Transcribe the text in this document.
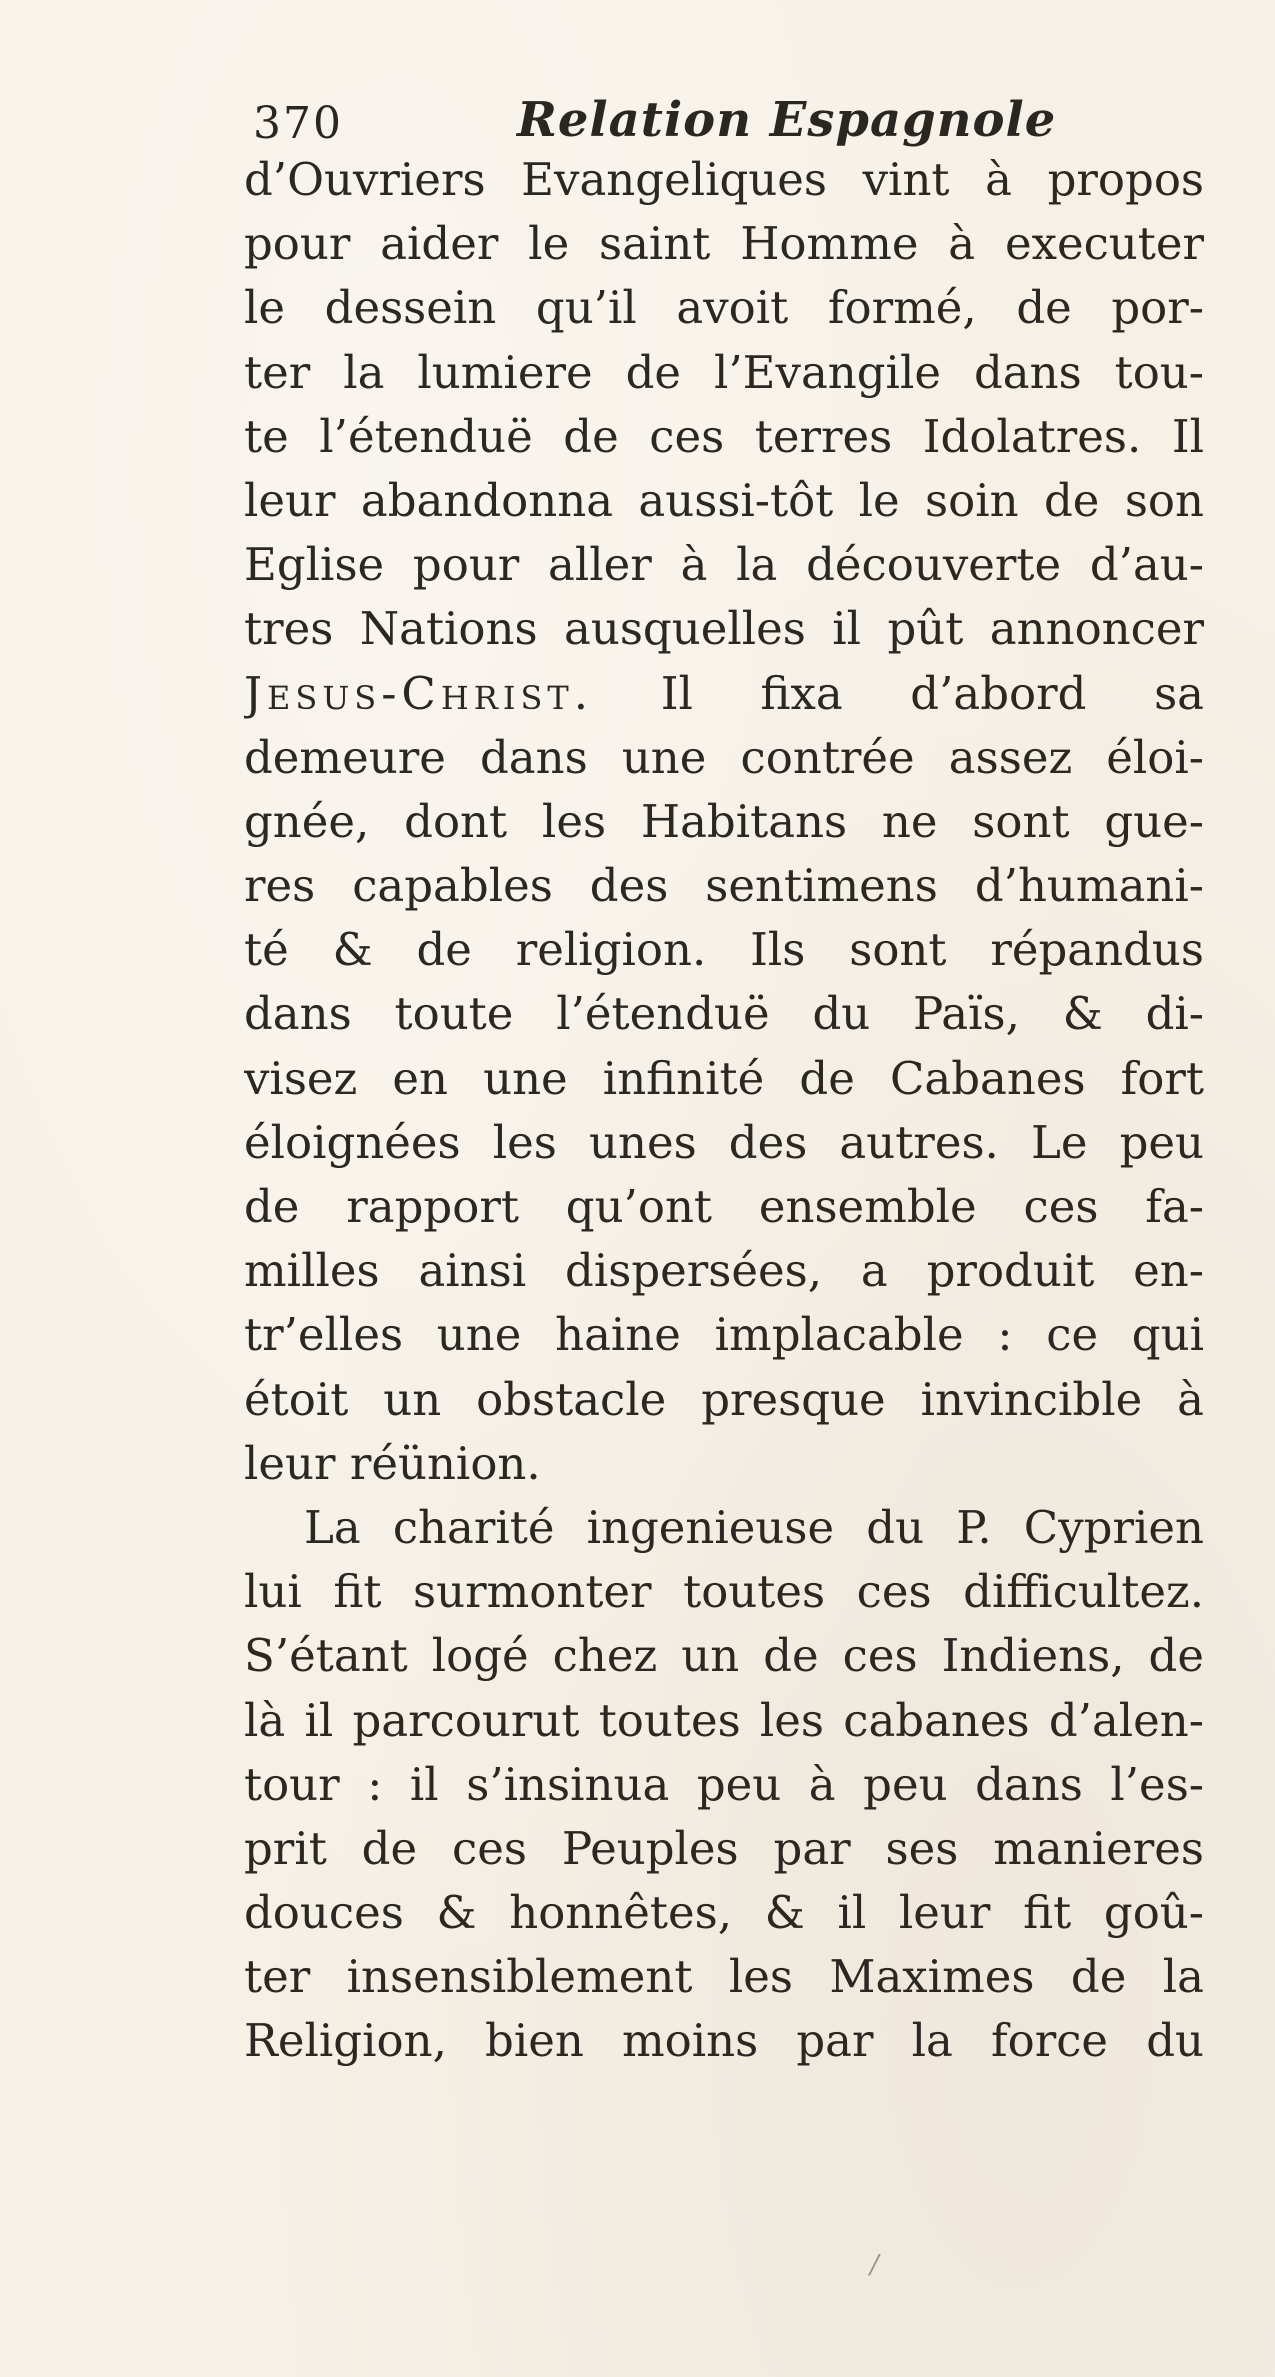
370	Relation Espagnole
d’Ouvriers Evangeliques vint à propos
pour aider le saint Homme à executer
le dessein qu’il avoit formé, de por-
ter la lumiere de l’Evangile dans tou-
te l’étenduë de ces terres Idolatres. Il
leur abandonna aussi-tôt le soin de son
Eglise pour aller à la découverte d’au-
tres Nations ausquelles il pût annoncer
Jesus-Christ. Il fixa d’abord sa
demeure dans une contrée assez éloi-
gnée, dont les Habitans ne sont gue-
res capables des sentimens d’humani-
té & de religion. Ils sont répandus
dans toute l’étenduë du Païs, & di-
visez en une infinité de Cabanes fort
éloignées les unes des autres. Le peu
de rapport qu’ont ensemble ces fa-
milles ainsi dispersées, a produit en-
tr’elles une haine implacable : ce qui
étoit un obstacle presque invincible à
leur réünion.
La charité ingenieuse du P. Cyprien
lui fit surmonter toutes ces difficultez.
S’étant logé chez un de ces Indiens, de
là il parcourut toutes les cabanes d’alen-
tour : il s’insinua peu à peu dans l’es-
prit de ces Peuples par ses manieres
douces & honnêtes, & il leur fit goû-
ter insensiblement les Maximes de la
Religion, bien moins par la force du
/
